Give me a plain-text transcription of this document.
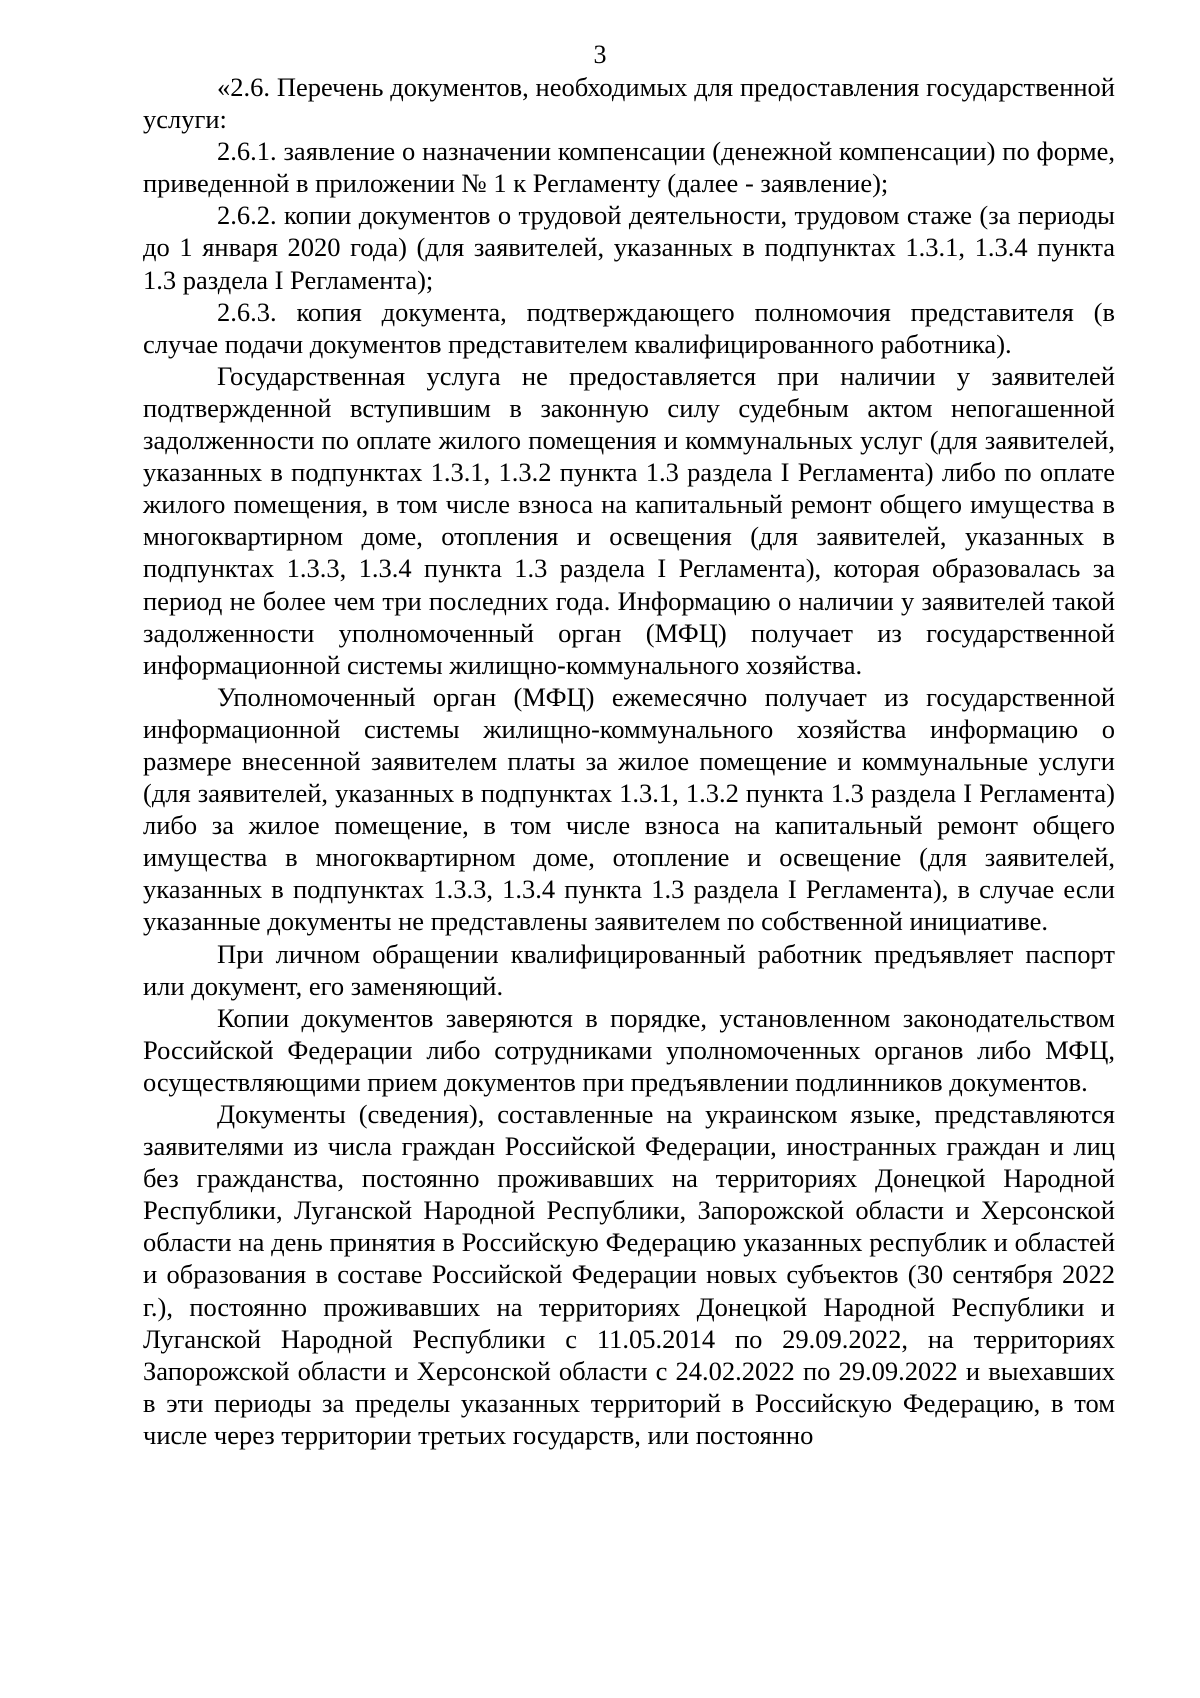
3

«2.6. Перечень документов, необходимых для предоставления государственной услуги:

2.6.1. заявление о назначении компенсации (денежной компенсации) по форме, приведенной в приложении № 1 к Регламенту (далее - заявление);

2.6.2. копии документов о трудовой деятельности, трудовом стаже (за периоды до 1 января 2020 года) (для заявителей, указанных в подпунктах 1.3.1, 1.3.4 пункта 1.3 раздела I Регламента);

2.6.3. копия документа, подтверждающего полномочия представителя (в случае подачи документов представителем квалифицированного работника).

Государственная услуга не предоставляется при наличии у заявителей подтвержденной вступившим в законную силу судебным актом непогашенной задолженности по оплате жилого помещения и коммунальных услуг (для заявителей, указанных в подпунктах 1.3.1, 1.3.2 пункта 1.3 раздела I Регламента) либо по оплате жилого помещения, в том числе взноса на капитальный ремонт общего имущества в многоквартирном доме, отопления и освещения (для заявителей, указанных в подпунктах 1.3.3, 1.3.4 пункта 1.3 раздела I Регламента), которая образовалась за период не более чем три последних года. Информацию о наличии у заявителей такой задолженности уполномоченный орган (МФЦ) получает из государственной информационной системы жилищно-коммунального хозяйства.

Уполномоченный орган (МФЦ) ежемесячно получает из государственной информационной системы жилищно-коммунального хозяйства информацию о размере внесенной заявителем платы за жилое помещение и коммунальные услуги (для заявителей, указанных в подпунктах 1.3.1, 1.3.2 пункта 1.3 раздела I Регламента) либо за жилое помещение, в том числе взноса на капитальный ремонт общего имущества в многоквартирном доме, отопление и освещение (для заявителей, указанных в подпунктах 1.3.3, 1.3.4 пункта 1.3 раздела I Регламента), в случае если указанные документы не представлены заявителем по собственной инициативе.

При личном обращении квалифицированный работник предъявляет паспорт или документ, его заменяющий.

Копии документов заверяются в порядке, установленном законодательством Российской Федерации либо сотрудниками уполномоченных органов либо МФЦ, осуществляющими прием документов при предъявлении подлинников документов.

Документы (сведения), составленные на украинском языке, представляются заявителями из числа граждан Российской Федерации, иностранных граждан и лиц без гражданства, постоянно проживавших на территориях Донецкой Народной Республики, Луганской Народной Республики, Запорожской области и Херсонской области на день принятия в Российскую Федерацию указанных республик и областей и образования в составе Российской Федерации новых субъектов (30 сентября 2022 г.), постоянно проживавших на территориях Донецкой Народной Республики и Луганской Народной Республики с 11.05.2014 по 29.09.2022, на территориях Запорожской области и Херсонской области с 24.02.2022 по 29.09.2022 и выехавших в эти периоды за пределы указанных территорий в Российскую Федерацию, в том числе через территории третьих государств, или постоянно
